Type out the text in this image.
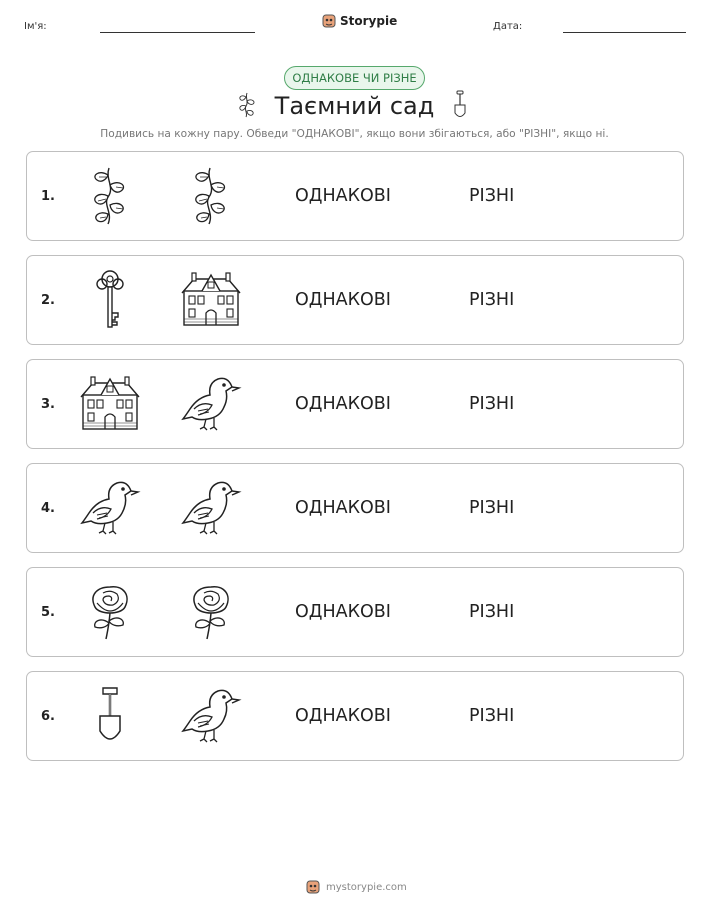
Ім'я:	Storypie	Дата:
ОДНАКОВЕ ЧИ РІЗНЕ
Таємний сад
Подивись на кожну пару. Обведи "ОДНАКОВІ", якщо вони збігаються, або "РІЗНІ", якщо ні.
1.	ОДНАКОВІ	РІЗНІ
2.	ОДНАКОВІ	РІЗНІ
3.	ОДНАКОВІ	РІЗНІ
4.	ОДНАКОВІ	РІЗНІ
5.	ОДНАКОВІ	РІЗНІ
6.	ОДНАКОВІ	РІЗНІ
mystorypie.com
